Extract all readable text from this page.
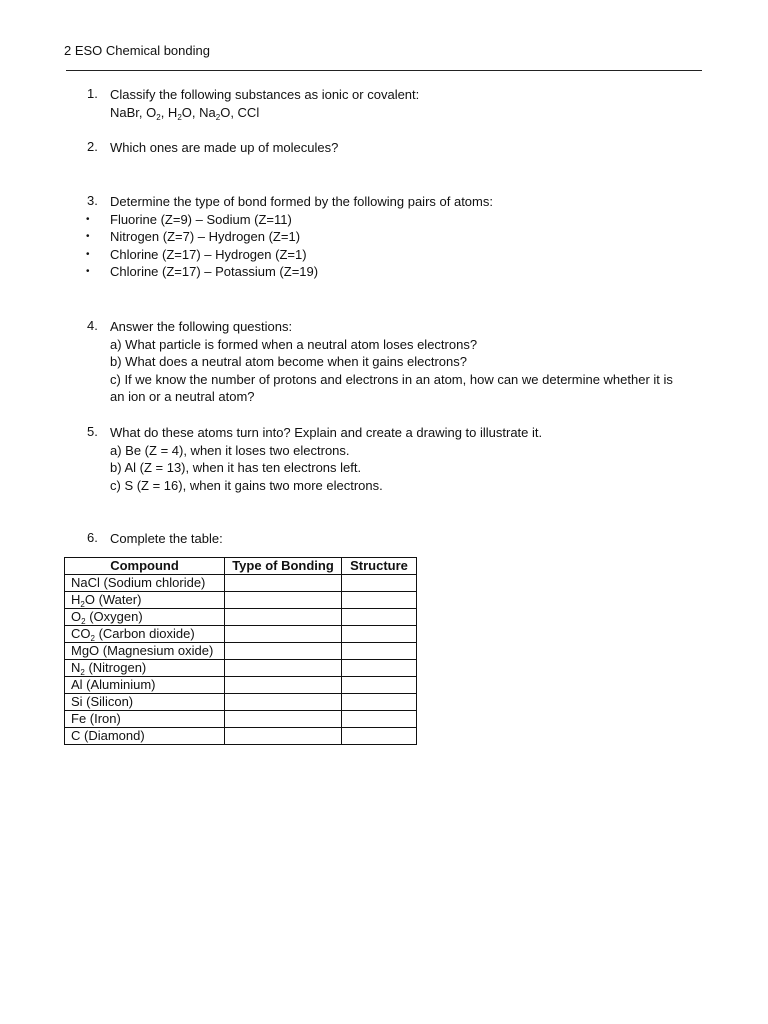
2 ESO Chemical bonding
1. Classify the following substances as ionic or covalent:
NaBr, $O_2$, $H_2O$, $Na_2O$, CCl
2. Which ones are made up of molecules?
3. Determine the type of bond formed by the following pairs of atoms:
• Fluorine (Z=9) – Sodium (Z=11)
• Nitrogen (Z=7) – Hydrogen (Z=1)
• Chlorine (Z=17) – Hydrogen (Z=1)
• Chlorine (Z=17) – Potassium (Z=19)
4. Answer the following questions:
a) What particle is formed when a neutral atom loses electrons?
b) What does a neutral atom become when it gains electrons?
c) If we know the number of protons and electrons in an atom, how can we determine whether it is
an ion or a neutral atom?
5. What do these atoms turn into? Explain and create a drawing to illustrate it.
a) Be (Z = 4), when it loses two electrons.
b) Al (Z = 13), when it has ten electrons left.
c) S (Z = 16), when it gains two more electrons.
6. Complete the table:
Compound	Type of Bonding	Structure
NaCl (Sodium chloride)		
$H_2O$ (Water)		
$O_2$ (Oxygen)		
$CO_2$ (Carbon dioxide)		
MgO (Magnesium oxide)		
$N_2$ (Nitrogen)		
Al (Aluminium)		
Si (Silicon)		
Fe (Iron)		
C (Diamond)		
